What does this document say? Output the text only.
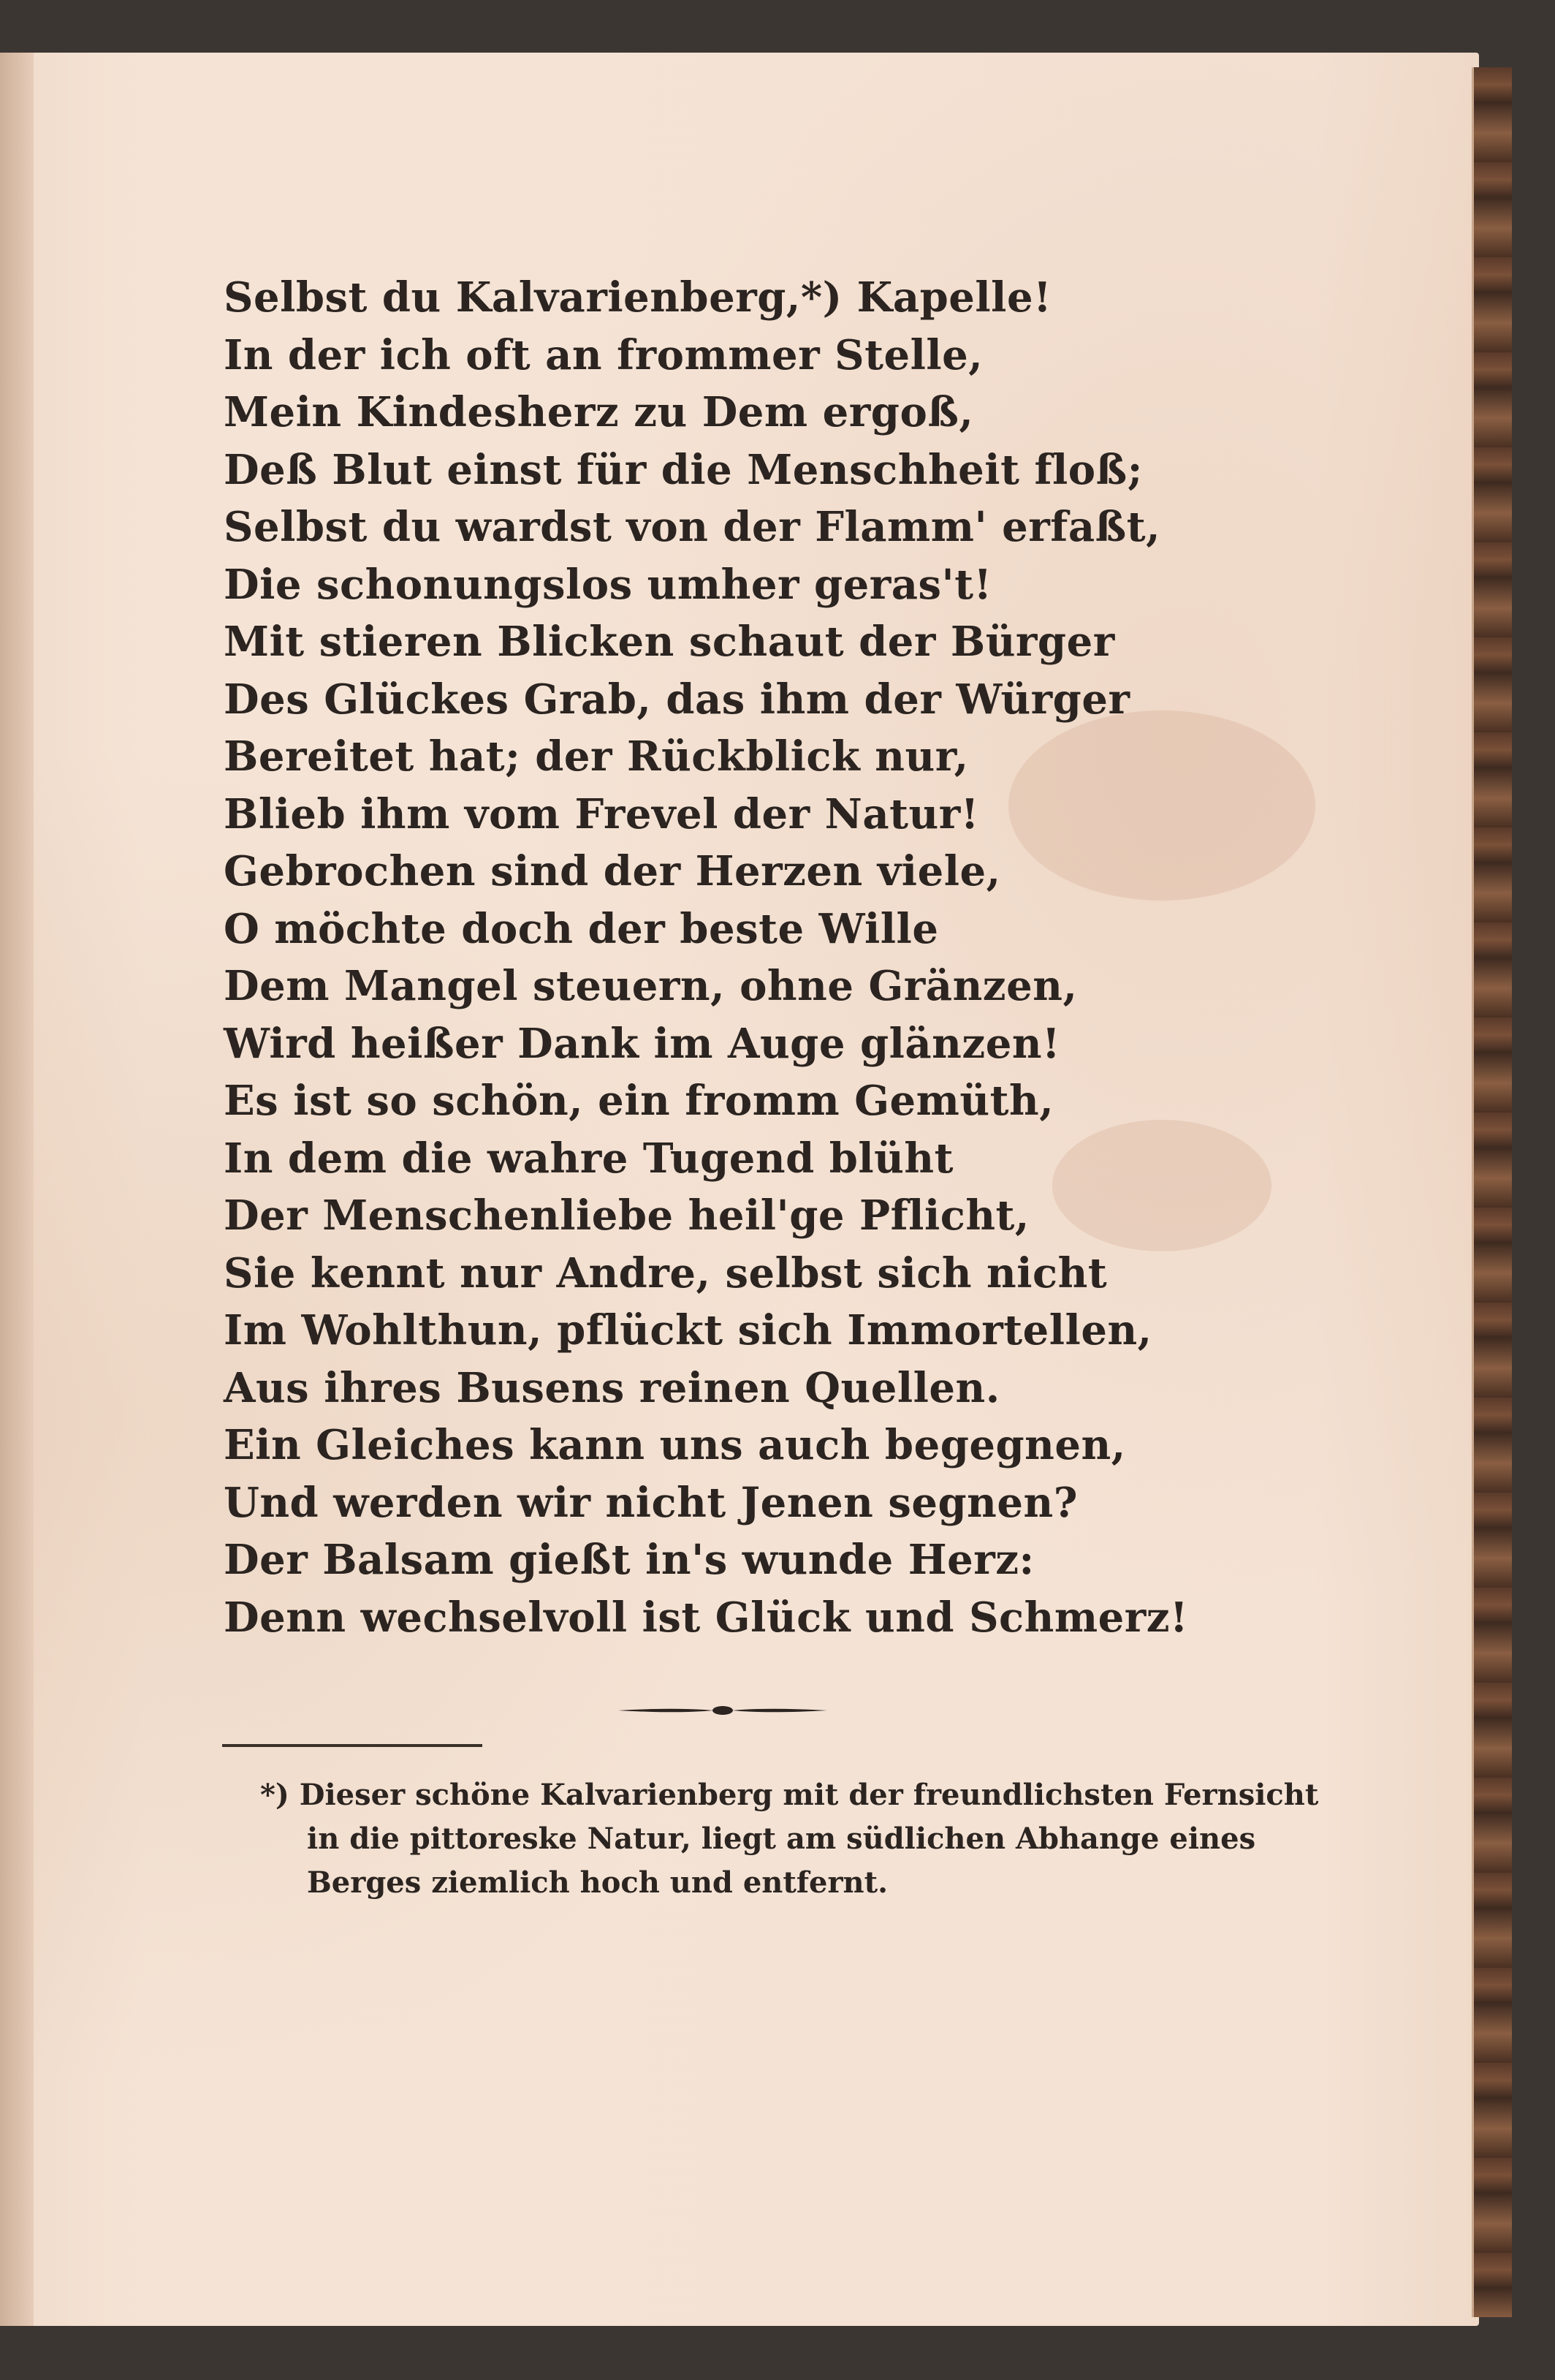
Selbst du Kalvarienberg,*) Kapelle!
In der ich oft an frommer Stelle,
Mein Kindesherz zu Dem ergoß,
Deß Blut einst für die Menschheit floß;
Selbst du wardst von der Flamm' erfaßt,
Die schonungslos umher geras't!
Mit stieren Blicken schaut der Bürger
Des Glückes Grab, das ihm der Würger
Bereitet hat; der Rückblick nur,
Blieb ihm vom Frevel der Natur!
Gebrochen sind der Herzen viele,
O möchte doch der beste Wille
Dem Mangel steuern, ohne Gränzen,
Wird heißer Dank im Auge glänzen!
Es ist so schön, ein fromm Gemüth,
In dem die wahre Tugend blüht
Der Menschenliebe heil'ge Pflicht,
Sie kennt nur Andre, selbst sich nicht
Im Wohlthun, pflückt sich Immortellen,
Aus ihres Busens reinen Quellen.
Ein Gleiches kann uns auch begegnen,
Und werden wir nicht Jenen segnen?
Der Balsam gießt in's wunde Herz:
Denn wechselvoll ist Glück und Schmerz!
*) Dieser schöne Kalvarienberg mit der freundlichsten Fernsicht
in die pittoreske Natur, liegt am südlichen Abhange eines
Berges ziemlich hoch und entfernt.
